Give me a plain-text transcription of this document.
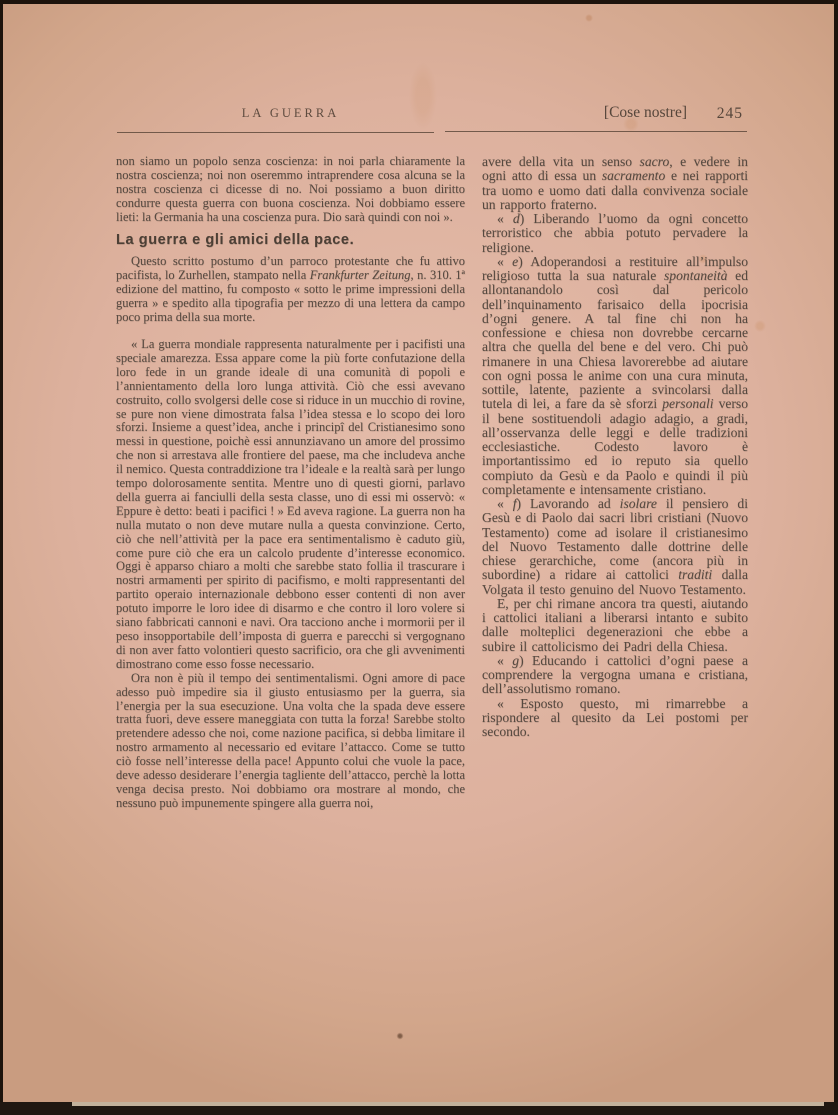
LA GUERRA	[Cose nostre] 245

non siamo un popolo senza coscienza: in noi parla chiaramente la nostra coscienza; noi non oseremmo intraprendere cosa alcuna se la nostra coscienza ci dicesse di no. Noi possiamo a buon diritto condurre questa guerra con buona coscienza. Noi dobbiamo essere lieti: la Germania ha una coscienza pura. Dio sarà quindi con noi ».

La guerra e gli amici della pace.

Questo scritto postumo d’un parroco protestante che fu attivo pacifista, lo Zurhellen, stampato nella Frankfurter Zeitung, n. 310. 1ª edizione del mattino, fu composto « sotto le prime impressioni della guerra » e spedito alla tipografia per mezzo di una lettera da campo poco prima della sua morte.

« La guerra mondiale rappresenta naturalmente per i pacifisti una speciale amarezza. Essa appare come la più forte confutazione della loro fede in un grande ideale di una comunità di popoli e l’annientamento della loro lunga attività. Ciò che essi avevano costruito, collo svolgersi delle cose si riduce in un mucchio di rovine, se pure non viene dimostrata falsa l’idea stessa e lo scopo dei loro sforzi. Insieme a quest’idea, anche i principî del Cristianesimo sono messi in questione, poichè essi annunziavano un amore del prossimo che non si arrestava alle frontiere del paese, ma che includeva anche il nemico. Questa contraddizione tra l’ideale e la realtà sarà per lungo tempo dolorosamente sentita. Mentre uno di questi giorni, parlavo della guerra ai fanciulli della sesta classe, uno di essi mi osservò: « Eppure è detto: beati i pacifici ! » Ed aveva ragione. La guerra non ha nulla mutato o non deve mutare nulla a questa convinzione. Certo, ciò che nell’attività per la pace era sentimentalismo è caduto giù, come pure ciò che era un calcolo prudente d’interesse economico. Oggi è apparso chiaro a molti che sarebbe stato follia il trascurare i nostri armamenti per spirito di pacifismo, e molti rappresentanti del partito operaio internazionale debbono esser contenti di non aver potuto imporre le loro idee di disarmo e che contro il loro volere si siano fabbricati cannoni e navi. Ora tacciono anche i mormorii per il peso insopportabile dell’imposta di guerra e parecchi si vergognano di non aver fatto volontieri questo sacrificio, ora che gli avvenimenti dimostrano come esso fosse necessario.

Ora non è più il tempo dei sentimentalismi. Ogni amore di pace adesso può impedire sia il giusto entusiasmo per la guerra, sia l’energia per la sua esecuzione. Una volta che la spada deve essere tratta fuori, deve essere maneggiata con tutta la forza! Sarebbe stolto pretendere adesso che noi, come nazione pacifica, si debba limitare il nostro armamento al necessario ed evitare l’attacco. Come se tutto ciò fosse nell’interesse della pace! Appunto colui che vuole la pace, deve adesso desiderare l’energia tagliente dell’attacco, perchè la lotta venga decisa presto. Noi dobbiamo ora mostrare al mondo, che nessuno può impunemente spingere alla guerra noi,

avere della vita un senso sacro, e vedere in ogni atto di essa un sacramento e nei rapporti tra uomo e uomo dati dalla convivenza sociale un rapporto fraterno.

« d) Liberando l’uomo da ogni concetto terroristico che abbia potuto pervadere la religione.

« e) Adoperandosi a restituire all’impulso religioso tutta la sua naturale spontaneità ed allontanandolo così dal pericolo dell’inquinamento farisaico della ipocrisia d’ogni genere. A tal fine chi non ha confessione e chiesa non dovrebbe cercarne altra che quella del bene e del vero. Chi può rimanere in una Chiesa lavorerebbe ad aiutare con ogni possa le anime con una cura minuta, sottile, latente, paziente a svincolarsi dalla tutela di lei, a fare da sè sforzi personali verso il bene sostituendoli adagio adagio, a gradi, all’osservanza delle leggi e delle tradizioni ecclesiastiche. Codesto lavoro è importantissimo ed io reputo sia quello compiuto da Gesù e da Paolo e quindi il più completamente e intensamente cristiano.

« f) Lavorando ad isolare il pensiero di Gesù e di Paolo dai sacri libri cristiani (Nuovo Testamento) come ad isolare il cristianesimo del Nuovo Testamento dalle dottrine delle chiese gerarchiche, come (ancora più in subordine) a ridare ai cattolici traditi dalla Volgata il testo genuino del Nuovo Testamento.

E, per chi rimane ancora tra questi, aiutando i cattolici italiani a liberarsi intanto e subito dalle molteplici degenerazioni che ebbe a subire il cattolicismo dei Padri della Chiesa.

« g) Educando i cattolici d’ogni paese a comprendere la vergogna umana e cristiana, dell’assolutismo romano.

« Esposto questo, mi rimarrebbe a rispondere al quesito da Lei postomi per secondo.
